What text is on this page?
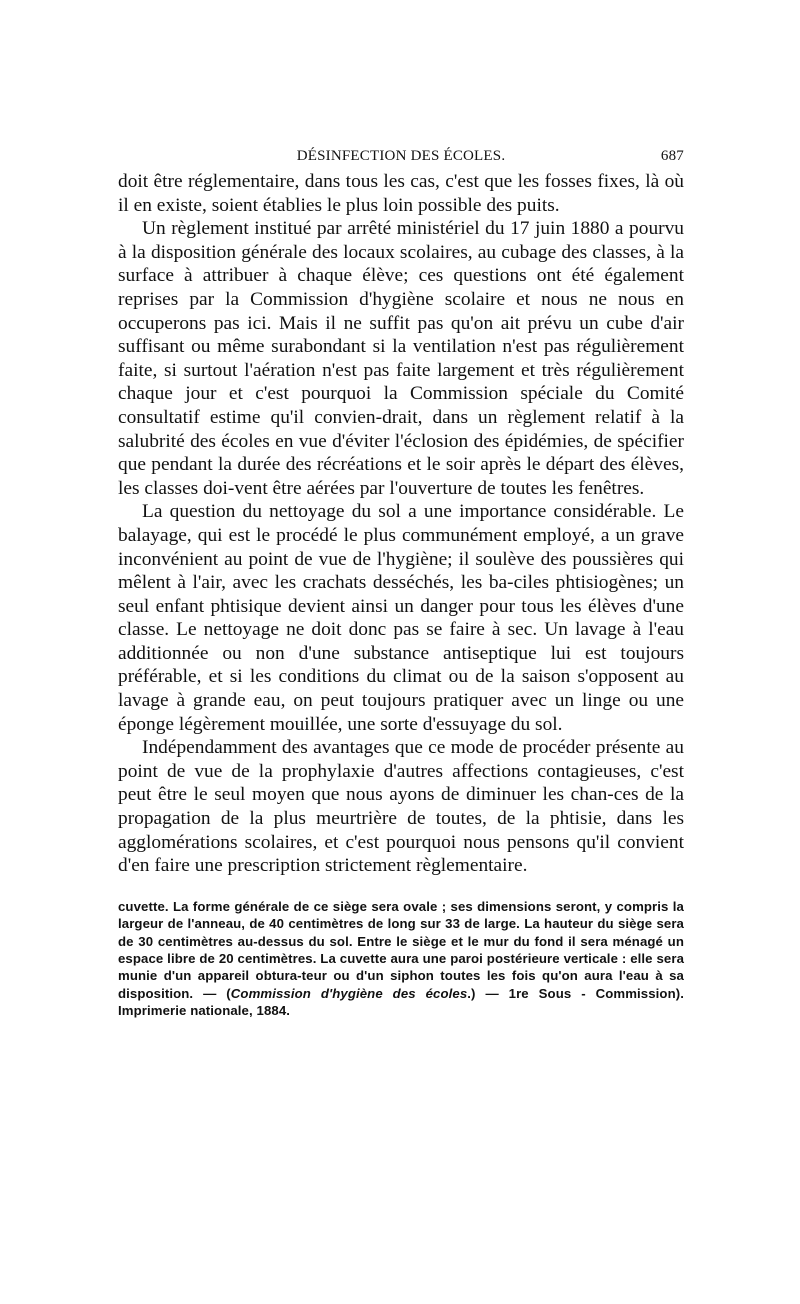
DÉSINFECTION DES ÉCOLES.	687

doit être réglementaire, dans tous les cas, c'est que les fosses fixes, là où il en existe, soient établies le plus loin possible des puits.

Un règlement institué par arrêté ministériel du 17 juin 1880 a pourvu à la disposition générale des locaux scolaires, au cubage des classes, à la surface à attribuer à chaque élève; ces questions ont été également reprises par la Commission d'hygiène scolaire et nous ne nous en occuperons pas ici. Mais il ne suffit pas qu'on ait prévu un cube d'air suffisant ou même surabondant si la ventilation n'est pas régulièrement faite, si surtout l'aération n'est pas faite largement et très régulièrement chaque jour et c'est pourquoi la Commission spéciale du Comité consultatif estime qu'il convien-drait, dans un règlement relatif à la salubrité des écoles en vue d'éviter l'éclosion des épidémies, de spécifier que pendant la durée des récréations et le soir après le départ des élèves, les classes doi-vent être aérées par l'ouverture de toutes les fenêtres.

La question du nettoyage du sol a une importance considérable. Le balayage, qui est le procédé le plus communément employé, a un grave inconvénient au point de vue de l'hygiène; il soulève des poussières qui mêlent à l'air, avec les crachats desséchés, les ba-ciles phtisiogènes; un seul enfant phtisique devient ainsi un danger pour tous les élèves d'une classe. Le nettoyage ne doit donc pas se faire à sec. Un lavage à l'eau additionnée ou non d'une substance antiseptique lui est toujours préférable, et si les conditions du climat ou de la saison s'opposent au lavage à grande eau, on peut toujours pratiquer avec un linge ou une éponge légèrement mouillée, une sorte d'essuyage du sol.

Indépendamment des avantages que ce mode de procéder présente au point de vue de la prophylaxie d'autres affections contagieuses, c'est peut être le seul moyen que nous ayons de diminuer les chan-ces de la propagation de la plus meurtrière de toutes, de la phtisie, dans les agglomérations scolaires, et c'est pourquoi nous pensons qu'il convient d'en faire une prescription strictement règlementaire.

cuvette. La forme générale de ce siège sera ovale ; ses dimensions seront, y compris la largeur de l'anneau, de 40 centimètres de long sur 33 de large. La hauteur du siège sera de 30 centimètres au-dessus du sol. Entre le siège et le mur du fond il sera ménagé un espace libre de 20 centimètres. La cuvette aura une paroi postérieure verticale : elle sera munie d'un appareil obtura-teur ou d'un siphon toutes les fois qu'on aura l'eau à sa disposition. — (Commission d'hygiène des écoles.) — 1re Sous - Commission). Imprimerie nationale, 1884.
